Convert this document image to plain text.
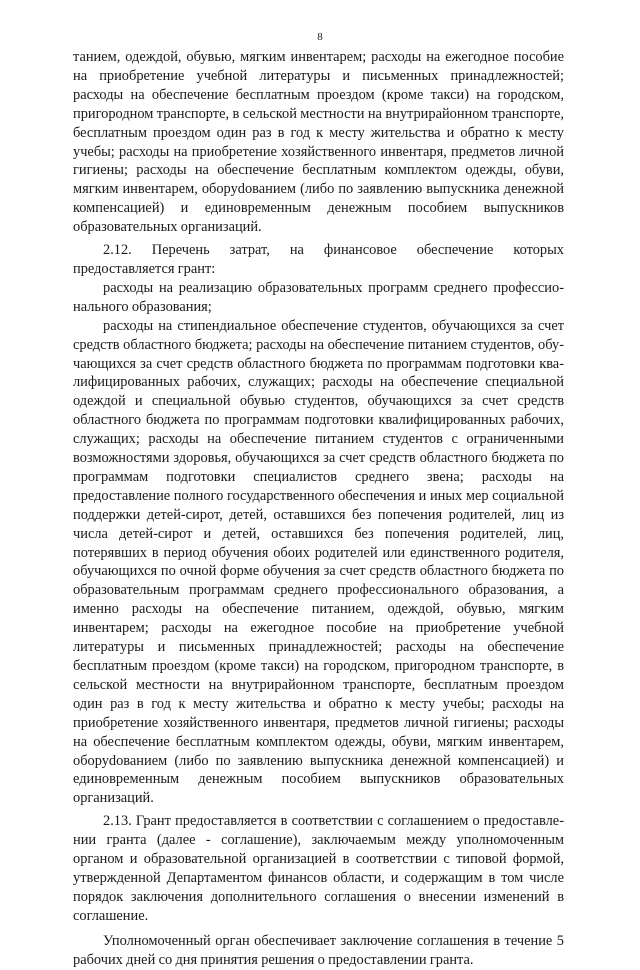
8

танием, одеждой, обувью, мягким инвентарем; расходы на ежегодное пособие на приобретение учебной литературы и письменных принадлежностей; расходы на обеспечение бесплатным проездом (кроме такси) на городском, пригородном транспорте, в сельской местности на внутрирайонном транспорте, бесплатным проездом один раз в год к месту жительства и обратно к месту учебы; расходы на приобретение хозяйственного инвентаря, предметов личной гигиены; расходы на обеспечение бесплатным комплектом одежды, обуви, мягким инвентарем, оборуdованием (либо по заявлению выпускника денежной компенсацией) и единовременным денежным пособием выпускников образовательных организаций.

2.12. Перечень затрат, на финансовое обеспечение которых предоставляется грант:

расходы на реализацию образовательных программ среднего профессионального образования;

расходы на стипендиальное обеспечение студентов, обучающихся за счет средств областного бюджета; расходы на обеспечение питанием студентов, обучающихся за счет средств областного бюджета по программам подготовки квалифицированных рабочих, служащих; расходы на обеспечение специальной одеждой и специальной обувью студентов, обучающихся за счет средств областного бюджета по программам подготовки квалифицированных рабочих, служащих; расходы на обеспечение питанием студентов с ограниченными возможностями здоровья, обучающихся за счет средств областного бюджета по программам подготовки специалистов среднего звена; расходы на предоставление полного государственного обеспечения и иных мер социальной поддержки детей-сирот, детей, оставшихся без попечения родителей, лиц из числа детей-сирот и детей, оставшихся без попечения родителей, лиц, потерявших в период обучения обоих родителей или единственного родителя, обучающихся по очной форме обучения за счет средств областного бюджета по образовательным программам среднего профессионального образования, а именно расходы на обеспечение питанием, одеждой, обувью, мягким инвентарем; расходы на ежегодное пособие на приобретение учебной литературы и письменных принадлежностей; расходы на обеспечение бесплатным проездом (кроме такси) на городском, пригородном транспорте, в сельской местности на внутрирайонном транспорте, бесплатным проездом один раз в год к месту жительства и обратно к месту учебы; расходы на приобретение хозяйственного инвентаря, предметов личной гигиены; расходы на обеспечение бесплатным комплектом одежды, обуви, мягким инвентарем, оборуdованием (либо по заявлению выпускника денежной компенсацией) и единовременным денежным пособием выпускников образовательных организаций.

2.13. Грант предоставляется в соответствии с соглашением о предоставлении гранта (далее - соглашение), заключаемым между уполномоченным органом и образовательной организацией в соответствии с типовой формой, утвержденной Департаментом финансов области, и содержащим в том числе порядок заключения дополнительного соглашения о внесении изменений в соглашение.

Уполномоченный орган обеспечивает заключение соглашения в течение 5 рабочих дней со дня принятия решения о предоставлении гранта.
